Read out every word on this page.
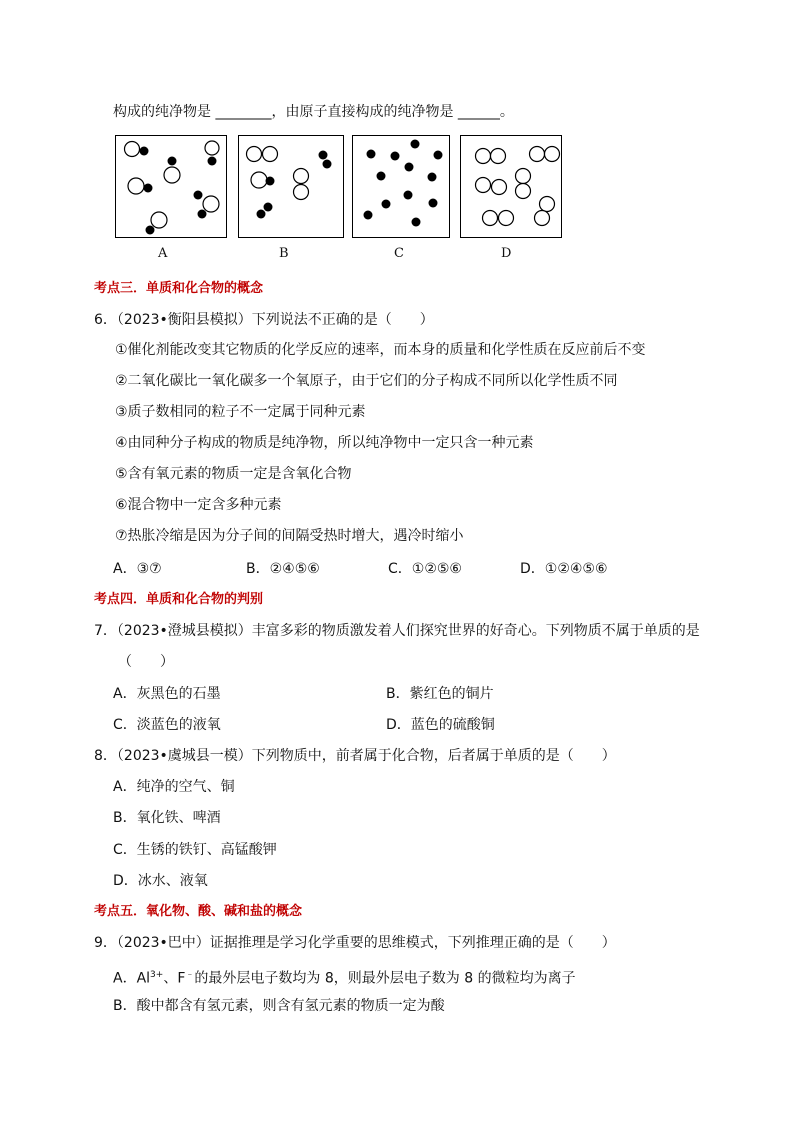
构成的纯净物是 ________，由原子直接构成的纯净物是 ______。
A	B	C	D
考点三．单质和化合物的概念
6．（2023•衡阳县模拟）下列说法不正确的是（　　）
①催化剂能改变其它物质的化学反应的速率，而本身的质量和化学性质在反应前后不变
②二氧化碳比一氧化碳多一个氧原子，由于它们的分子构成不同所以化学性质不同
③质子数相同的粒子不一定属于同种元素
④由同种分子构成的物质是纯净物，所以纯净物中一定只含一种元素
⑤含有氧元素的物质一定是含氧化合物
⑥混合物中一定含多种元素
⑦热胀冷缩是因为分子间的间隔受热时增大，遇冷时缩小
A．③⑦	B．②④⑤⑥	C．①②⑤⑥	D．①②④⑤⑥
考点四．单质和化合物的判别
7．（2023•澄城县模拟）丰富多彩的物质激发着人们探究世界的好奇心。下列物质不属于单质的是
（　　）
A．灰黑色的石墨	B．紫红色的铜片
C．淡蓝色的液氧	D．蓝色的硫酸铜
8．（2023•虞城县一模）下列物质中，前者属于化合物，后者属于单质的是（　　）
A．纯净的空气、铜
B．氧化铁、啤酒
C．生锈的铁钉、高锰酸钾
D．冰水、液氧
考点五．氧化物、酸、碱和盐的概念
9．（2023•巴中）证据推理是学习化学重要的思维模式，下列推理正确的是（　　）
A．$Al^{3+}$、F﹣的最外层电子数均为 8，则最外层电子数为 8 的微粒均为离子
B．酸中都含有氢元素，则含有氢元素的物质一定为酸
